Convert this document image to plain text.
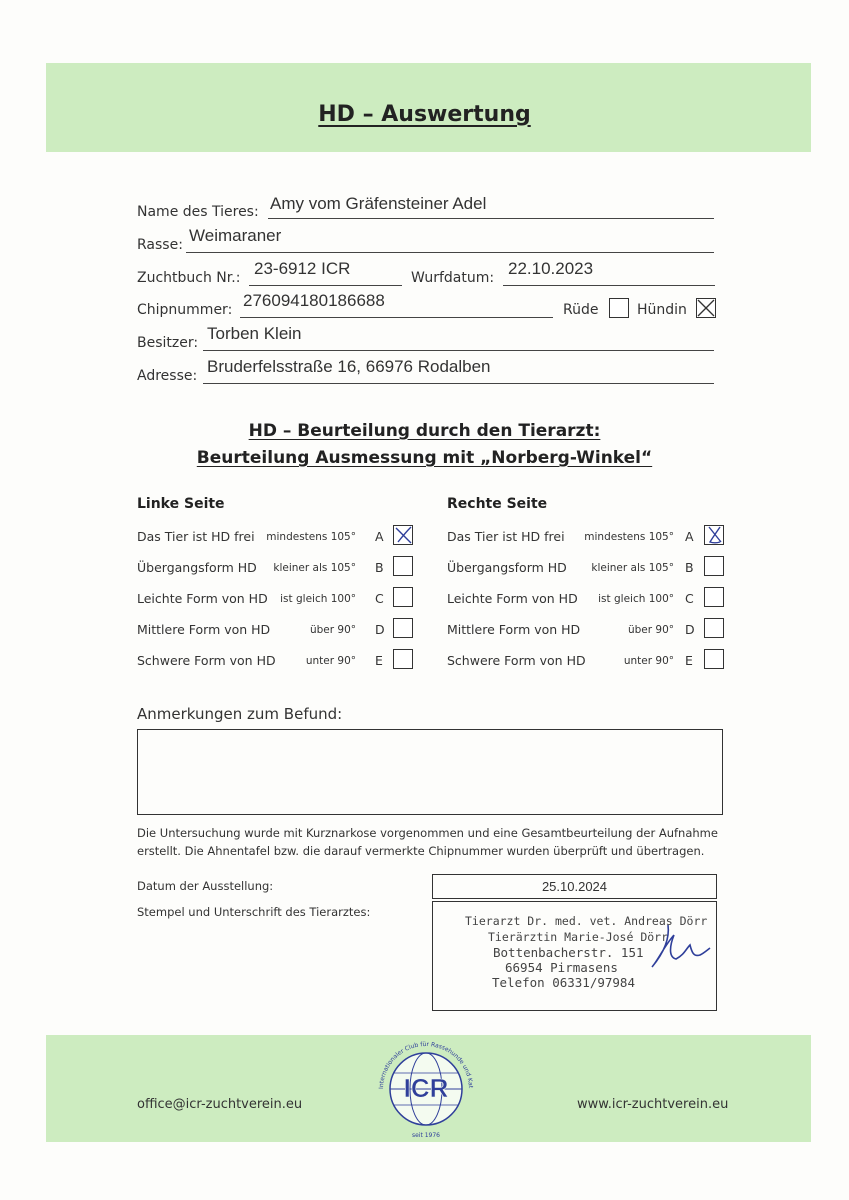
HD – Auswertung
Name des Tieres: Amy vom Gräfensteiner Adel
Rasse: Weimaraner
Zuchtbuch Nr.: 23-6912 ICR	Wurfdatum: 22.10.2023
Chipnummer: 276094180186688	Rüde	Hündin
Besitzer: Torben Klein
Adresse: Bruderfelsstraße 16, 66976 Rodalben
HD – Beurteilung durch den Tierarzt:
Beurteilung Ausmessung mit „Norberg-Winkel“
Linke Seite	Rechte Seite
Das Tier ist HD frei mindestens 105° A	Das Tier ist HD frei mindestens 105° A
Übergangsform HD kleiner als 105° B	Übergangsform HD kleiner als 105° B
Leichte Form von HD ist gleich 100° C	Leichte Form von HD ist gleich 100° C
Mittlere Form von HD	über 90° D	Mittlere Form von HD	über 90° D
Schwere Form von HD	unter 90° E	Schwere Form von HD	unter 90° E
Anmerkungen zum Befund:
Die Untersuchung wurde mit Kurznarkose vorgenommen und eine Gesamtbeurteilung der Aufnahme
erstellt. Die Ahnentafel bzw. die darauf vermerkte Chipnummer wurden überprüft und übertragen.
Datum der Ausstellung:	25.10.2024
Stempel und Unterschrift des Tierarztes:
Tierarzt Dr. med. vet. Andreas Dörr
Tierärztin Marie-José Dörr
Bottenbacherstr. 151
66954 Pirmasens
Telefon 06331/97984
office@icr-zuchtverein.eu	www.icr-zuchtverein.eu
ICR
Internationaler Club für Rassehunde und Kat
seit 1976
